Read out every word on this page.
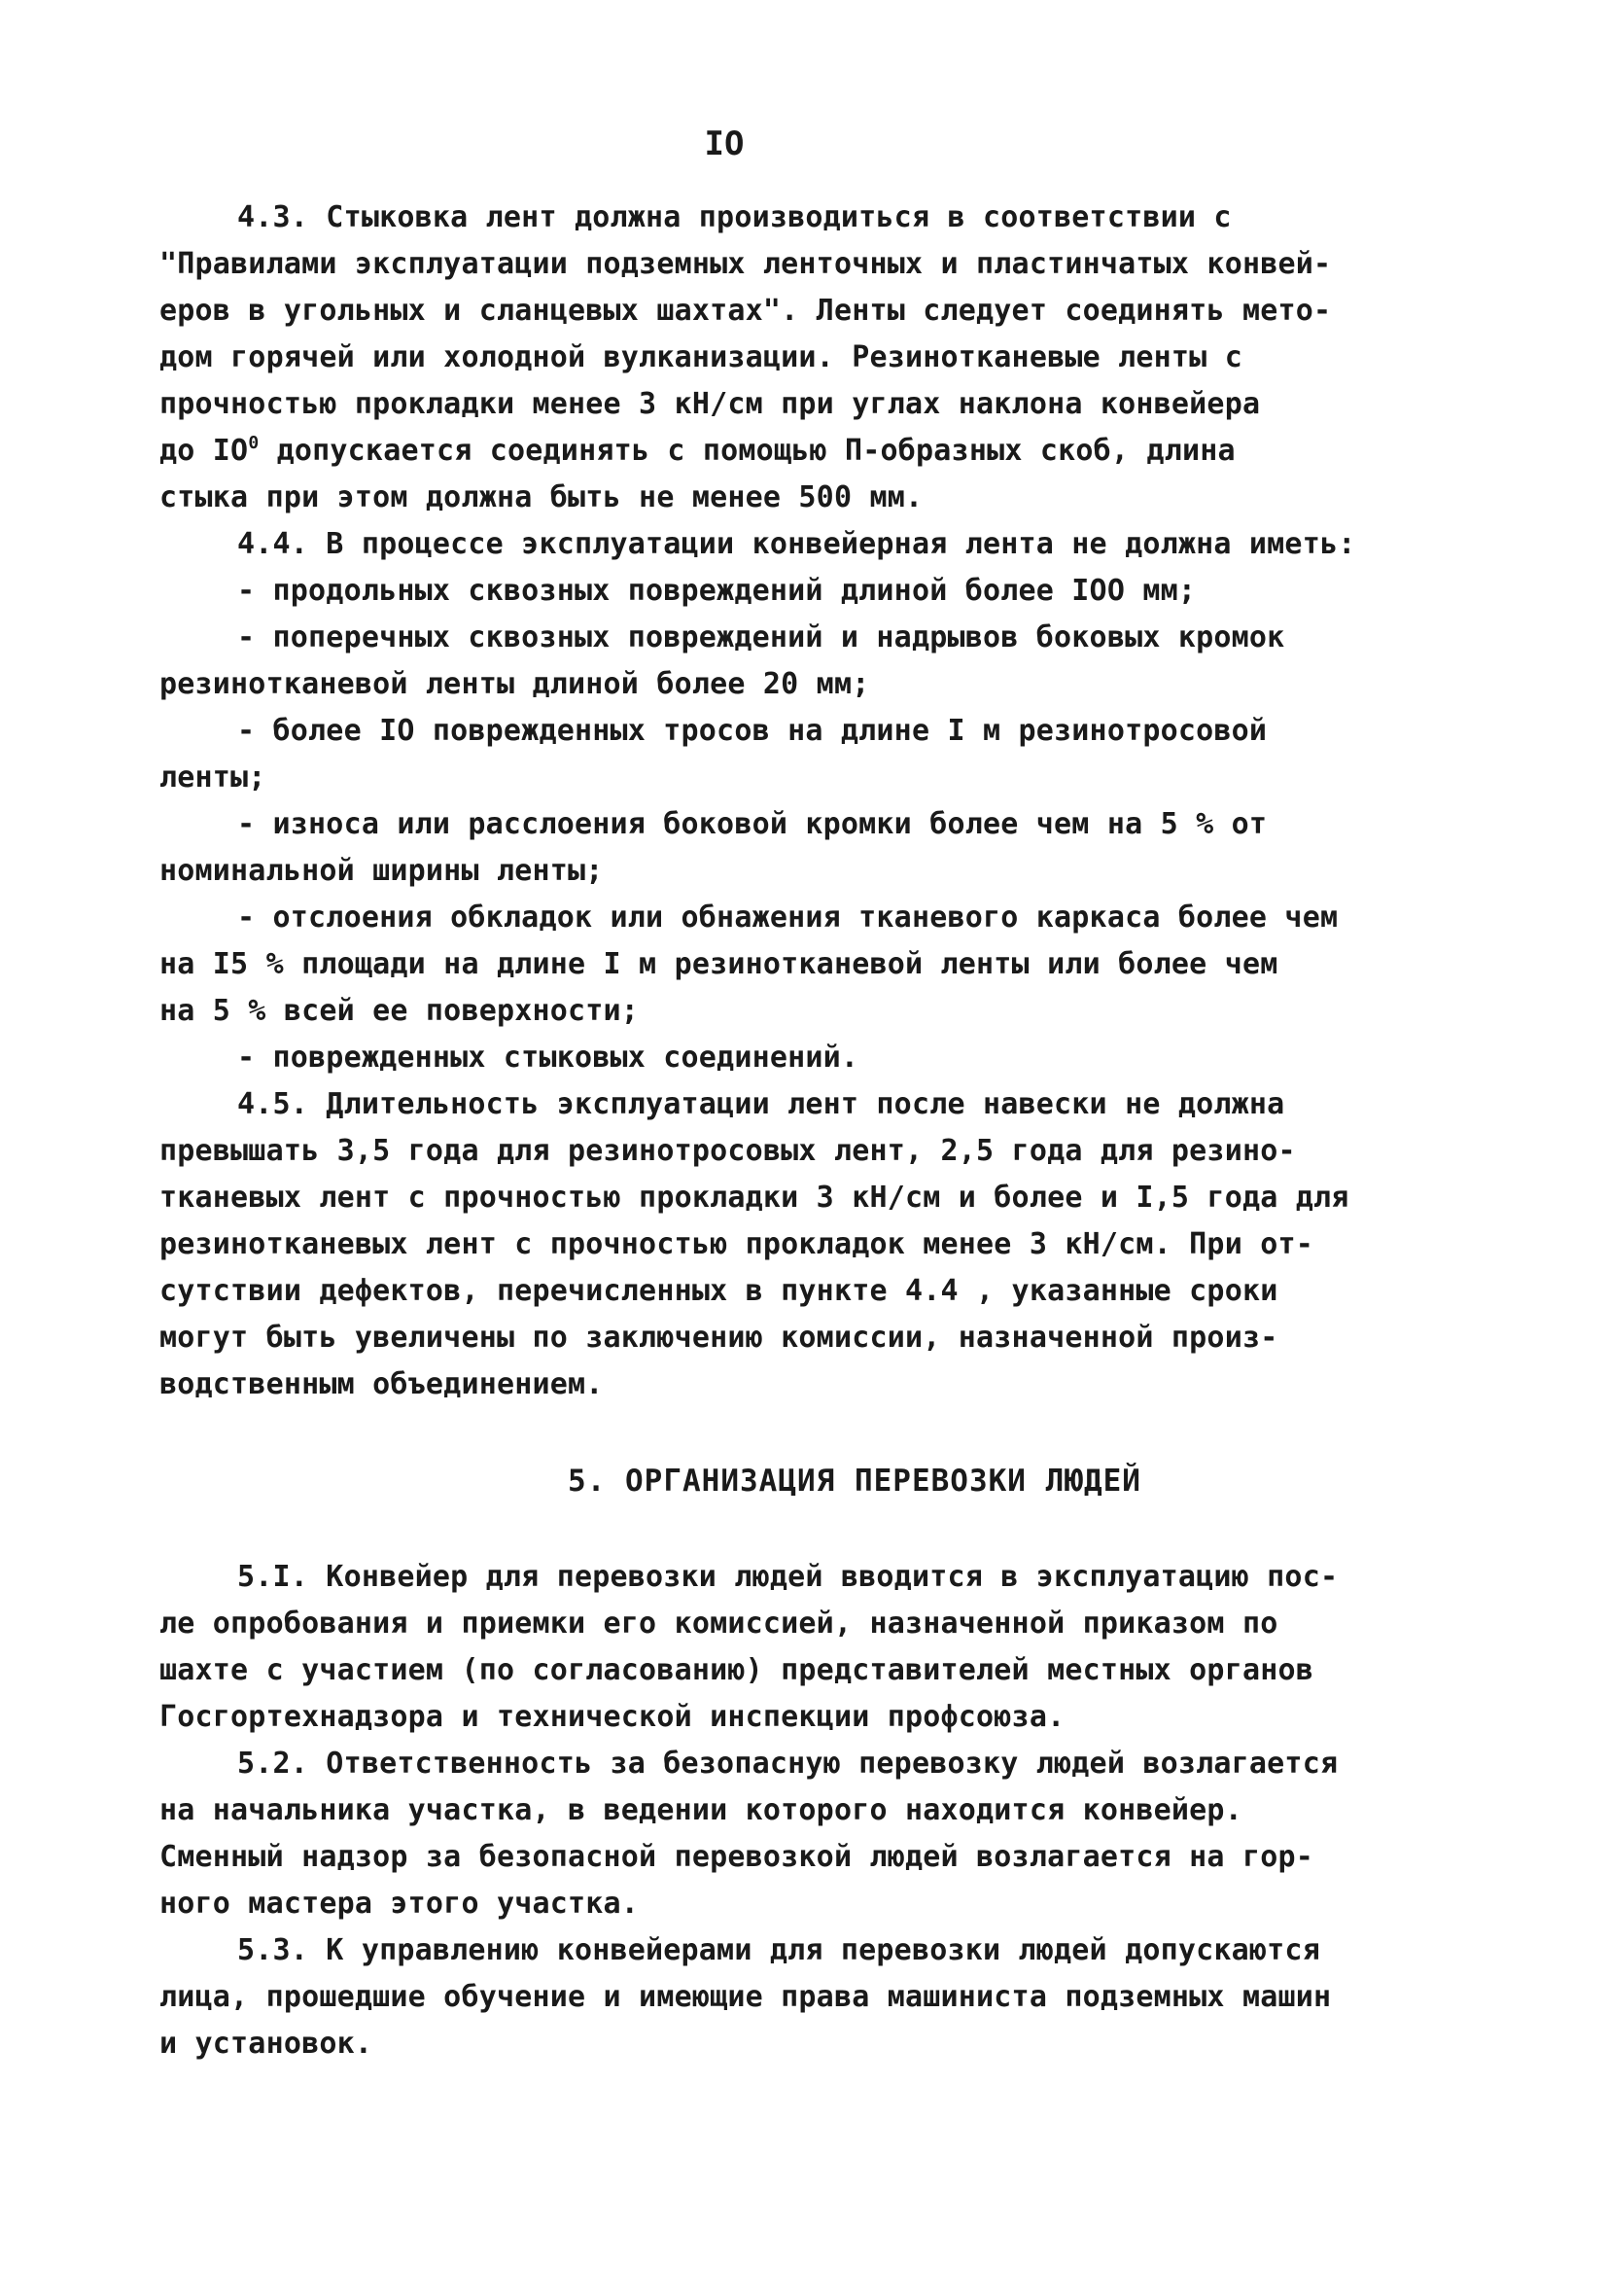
IO
4.3. Стыковка лент должна производиться в соответствии с
"Правилами эксплуатации подземных ленточных и пластинчатых конвей-
еров в угольных и сланцевых шахтах". Ленты следует соединять мето-
дом горячей или холодной вулканизации. Резинотканевые ленты с
прочностью прокладки менее 3 кН/см при углах наклона конвейера
до $IO^0$ допускается соединять с помощью П-образных скоб, длина
стыка при этом должна быть не менее 500 мм.
4.4. В процессе эксплуатации конвейерная лента не должна иметь:
- продольных сквозных повреждений длиной более IOO мм;
- поперечных сквозных повреждений и надрывов боковых кромок
резинотканевой ленты длиной более 20 мм;
- более IO поврежденных тросов на длине I м резинотросовой
ленты;
- износа или расслоения боковой кромки более чем на 5 % от
номинальной ширины ленты;
- отслоения обкладок или обнажения тканевого каркаса более чем
на I5 % площади на длине I м резинотканевой ленты или более чем
на 5 % всей ее поверхности;
- поврежденных стыковых соединений.
4.5. Длительность эксплуатации лент после навески не должна
превышать 3,5 года для резинотросовых лент, 2,5 года для резино-
тканевых лент с прочностью прокладки 3 кН/см и более и I,5 года для
резинотканевых лент с прочностью прокладок менее 3 кН/см. При от-
сутствии дефектов, перечисленных в пункте 4.4 , указанные сроки
могут быть увеличены по заключению комиссии, назначенной произ-
водственным объединением.
5. ОРГАНИЗАЦИЯ ПЕРЕВОЗКИ ЛЮДЕЙ
5.I. Конвейер для перевозки людей вводится в эксплуатацию пос-
ле опробования и приемки его комиссией, назначенной приказом по
шахте с участием (по согласованию) представителей местных органов
Госгортехнадзора и технической инспекции профсоюза.
5.2. Ответственность за безопасную перевозку людей возлагается
на начальника участка, в ведении которого находится конвейер.
Сменный надзор за безопасной перевозкой людей возлагается на гор-
ного мастера этого участка.
5.3. К управлению конвейерами для перевозки людей допускаются
лица, прошедшие обучение и имеющие права машиниста подземных машин
и установок.
